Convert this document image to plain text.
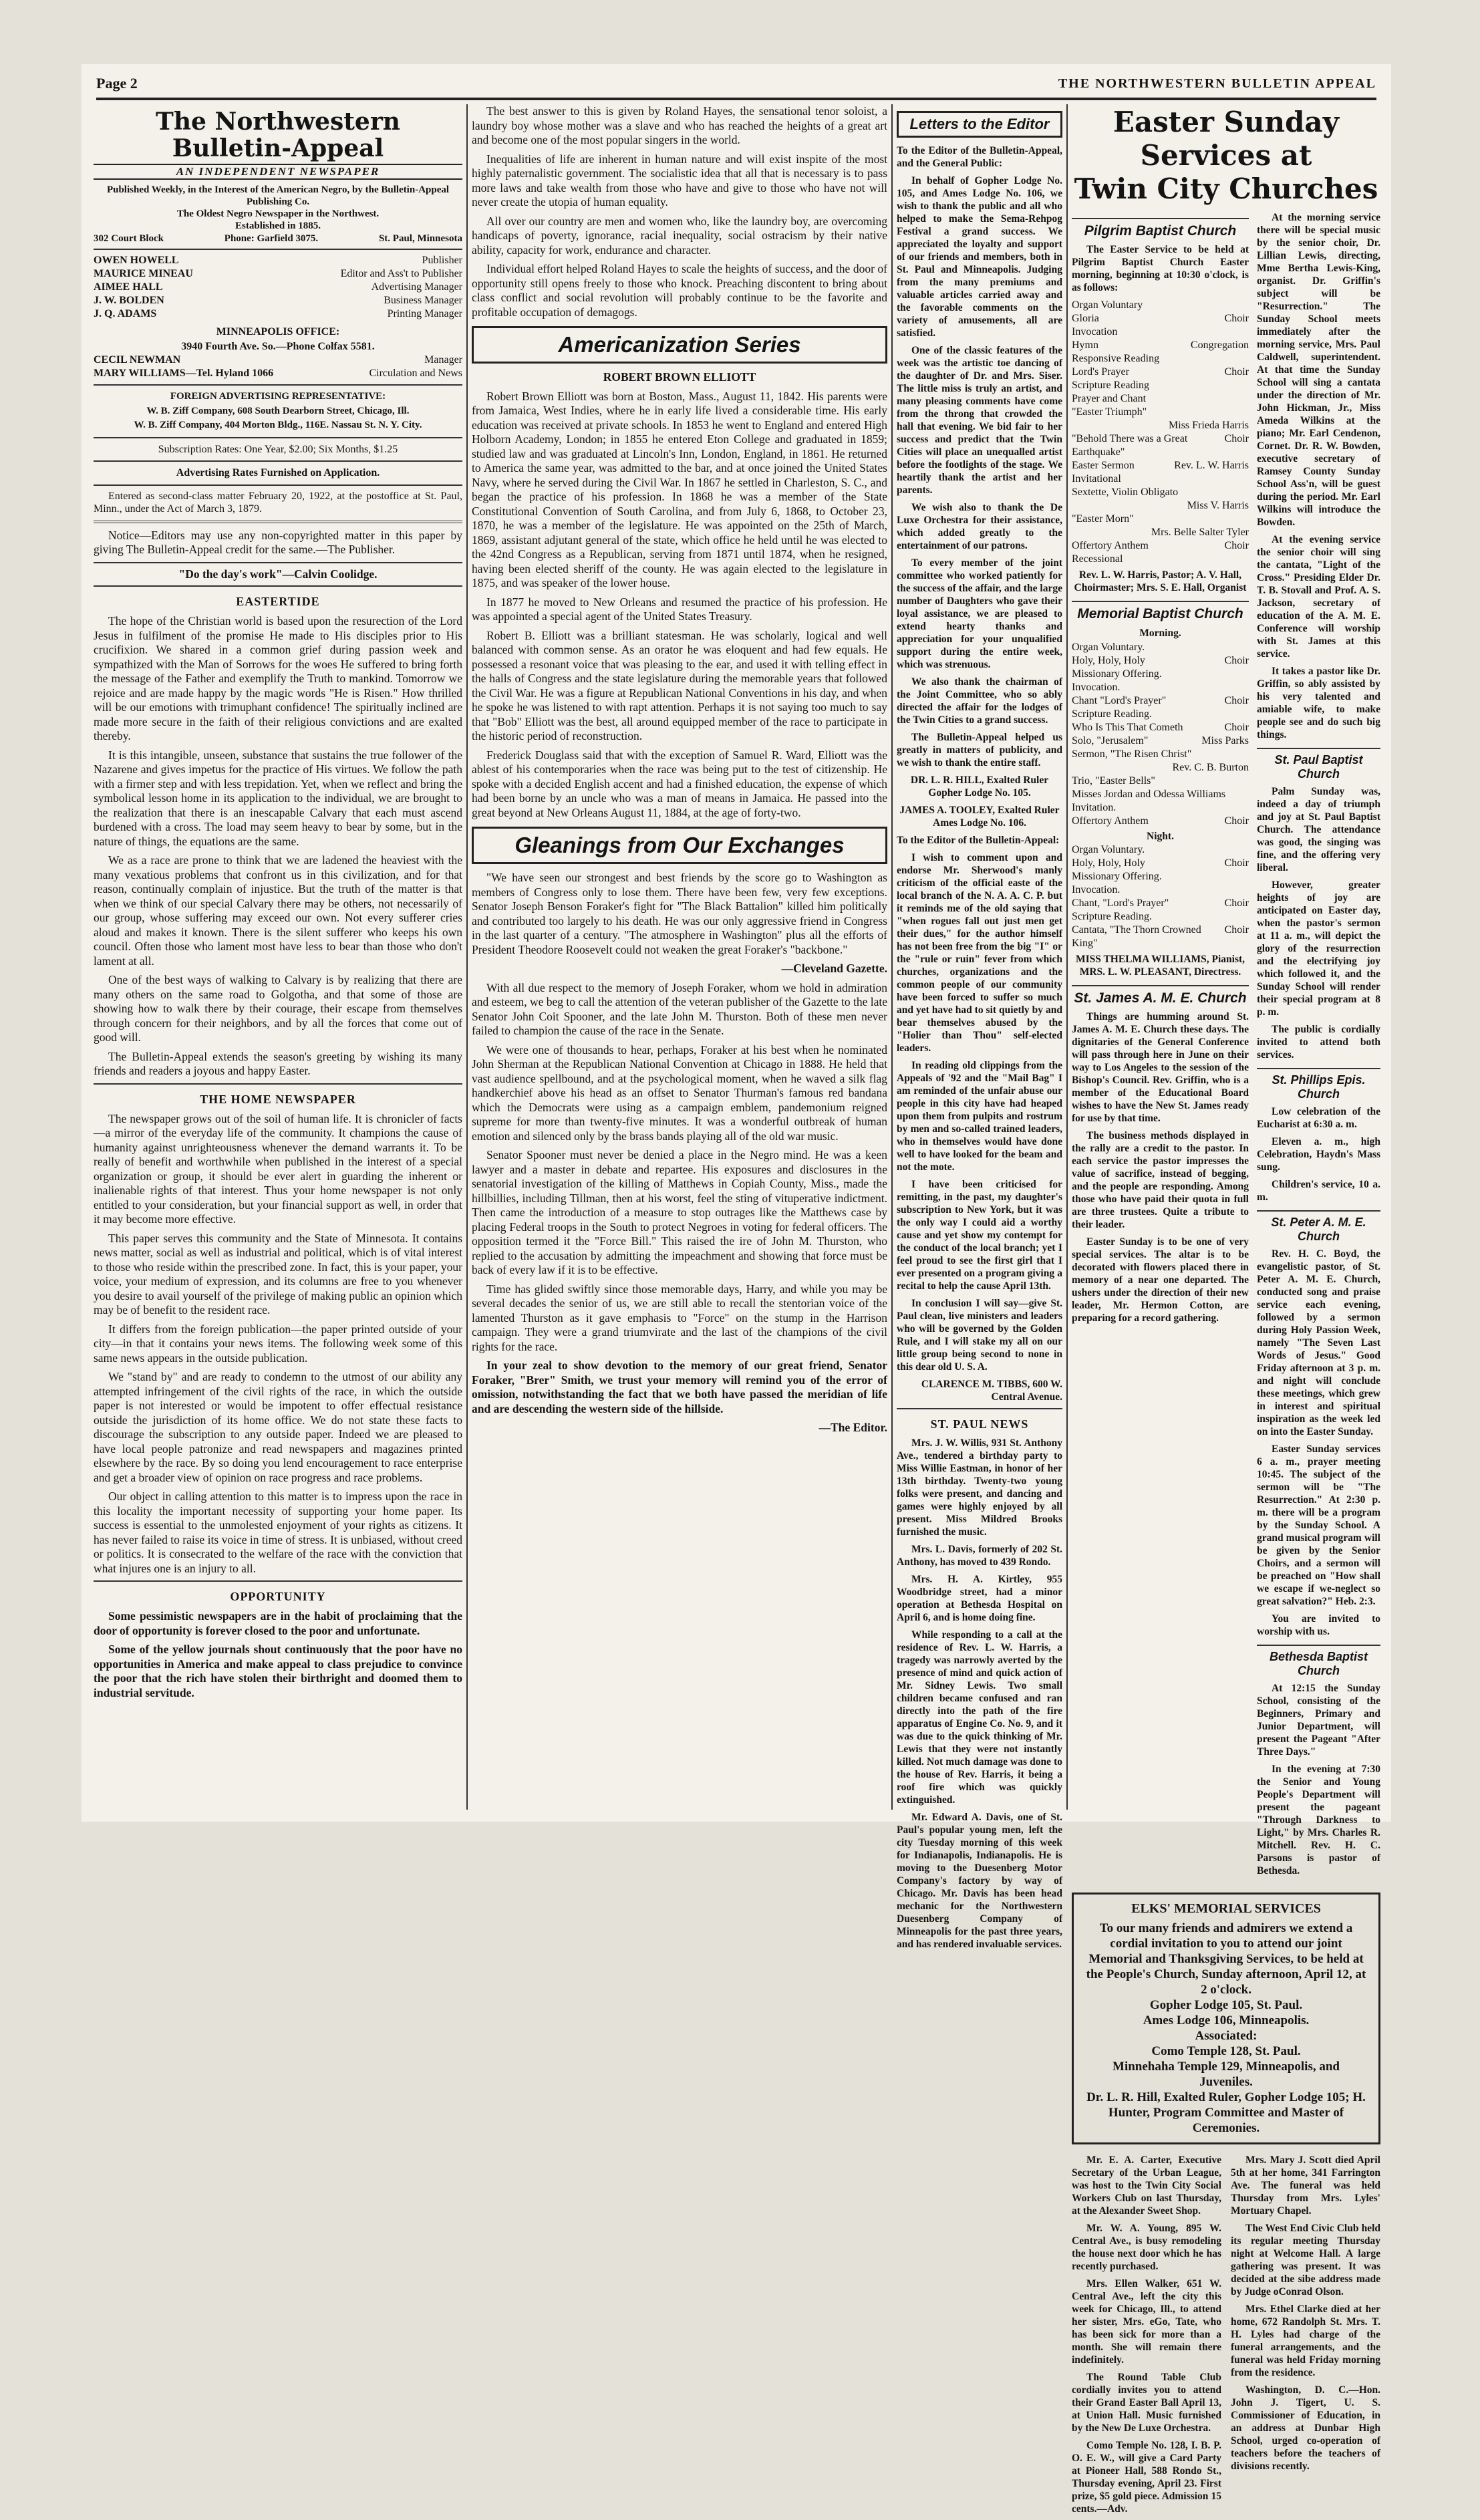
Page 2	THE NORTHWESTERN BULLETIN APPEAL
The Northwestern Bulletin-Appeal
AN INDEPENDENT NEWSPAPER

Published Weekly, in the Interest of the American Negro, by the Bulletin-Appeal Publishing Co.

The Oldest Negro Newspaper in the Northwest.

Established in 1885.

302 Court Block	Phone: Garfield 3075.	St. Paul, Minnesota
OWEN HOWELL	Publisher
MAURICE MINEAU	Editor and Ass't to Publisher
AIMEE HALL	Advertising Manager
J. W. BOLDEN	Business Manager
J. Q. ADAMS	Printing Manager

MINNEAPOLIS OFFICE:

3940 Fourth Ave. So.—Phone Colfax 5581.

CECIL NEWMAN	Manager
MARY WILLIAMS—Tel. Hyland 1066	Circulation and News

FOREIGN ADVERTISING REPRESENTATIVE:

W. B. Ziff Company, 608 South Dearborn Street, Chicago, Ill.

W. B. Ziff Company, 404 Morton Bldg., 116E. Nassau St. N. Y. City.

Subscription Rates: One Year, $2.00; Six Months, $1.25

Advertising Rates Furnished on Application.

Entered as second-class matter February 20, 1922, at the postoffice at St. Paul, Minn., under the Act of March 3, 1879.

Notice—Editors may use any non-copyrighted matter in this paper by giving The Bulletin-Appeal credit for the same.—The Publisher.

"Do the day's work"—Calvin Coolidge.

EASTERTIDE

The hope of the Christian world is based upon the resurection of the Lord Jesus in fulfilment of the promise He made to His disciples prior to His crucifixion. We shared in a common grief during passion week and sympathized with the Man of Sorrows for the woes He suffered to bring forth the message of the Father and exemplify the Truth to mankind. Tomorrow we rejoice and are made happy by the magic words "He is Risen." How thrilled will be our emotions with trimuphant confidence! The spiritually inclined are made more secure in the faith of their religious convictions and are exalted thereby.

It is this intangible, unseen, substance that sustains the true follower of the Nazarene and gives impetus for the practice of His virtues. We follow the path with a firmer step and with less trepidation. Yet, when we reflect and bring the symbolical lesson home in its application to the individual, we are brought to the realization that there is an inescapable Calvary that each must ascend burdened with a cross. The load may seem heavy to bear by some, but in the nature of things, the equations are the same.

We as a race are prone to think that we are ladened the heaviest with the many vexatious problems that confront us in this civilization, and for that reason, continually complain of injustice. But the truth of the matter is that when we think of our special Calvary there may be others, not necessarily of our group, whose suffering may exceed our own. Not every sufferer cries aloud and makes it known. There is the silent sufferer who keeps his own council. Often those who lament most have less to bear than those who don't lament at all.

One of the best ways of walking to Calvary is by realizing that there are many others on the same road to Golgotha, and that some of those are showing how to walk there by their courage, their escape from themselves through concern for their neighbors, and by all the forces that come out of good will.

The Bulletin-Appeal extends the season's greeting by wishing its many friends and readers a joyous and happy Easter.

THE HOME NEWSPAPER

The newspaper grows out of the soil of human life. It is chronicler of facts—a mirror of the everyday life of the community. It champions the cause of humanity against unrighteousness whenever the demand warrants it. To be really of benefit and worthwhile when published in the interest of a special organization or group, it should be ever alert in guarding the inherent or inalienable rights of that interest. Thus your home newspaper is not only entitled to your consideration, but your financial support as well, in order that it may become more effective.

This paper serves this community and the State of Minnesota. It contains news matter, social as well as industrial and political, which is of vital interest to those who reside within the prescribed zone. In fact, this is your paper, your voice, your medium of expression, and its columns are free to you whenever you desire to avail yourself of the privilege of making public an opinion which may be of benefit to the resident race.

It differs from the foreign publication—the paper printed outside of your city—in that it contains your news items. The following week some of this same news appears in the outside publication.

We "stand by" and are ready to condemn to the utmost of our ability any attempted infringement of the civil rights of the race, in which the outside paper is not interested or would be impotent to offer effectual resistance outside the jurisdiction of its home office. We do not state these facts to discourage the subscription to any outside paper. Indeed we are pleased to have local people patronize and read newspapers and magazines printed elsewhere by the race. By so doing you lend encouragement to race enterprise and get a broader view of opinion on race progress and race problems.

Our object in calling attention to this matter is to impress upon the race in this locality the important necessity of supporting your home paper. Its success is essential to the unmolested enjoyment of your rights as citizens. It has never failed to raise its voice in time of stress. It is unbiased, without creed or politics. It is consecrated to the welfare of the race with the conviction that what injures one is an injury to all.

OPPORTUNITY

Some pessimistic newspapers are in the habit of proclaiming that the door of opportunity is forever closed to the poor and unfortunate.

Some of the yellow journals shout continuously that the poor have no opportunities in America and make appeal to class prejudice to convince the poor that the rich have stolen their birthright and doomed them to industrial servitude.

The best answer to this is given by Roland Hayes, the sensational tenor soloist, a laundry boy whose mother was a slave and who has reached the heights of a great art and become one of the most popular singers in the world.

Inequalities of life are inherent in human nature and will exist inspite of the most highly paternalistic government. The socialistic idea that all that is necessary is to pass more laws and take wealth from those who have and give to those who have not will never create the utopia of human equality.

All over our country are men and women who, like the laundry boy, are overcoming handicaps of poverty, ignorance, racial inequality, social ostracism by their native ability, capacity for work, endurance and character.

Individual effort helped Roland Hayes to scale the heights of success, and the door of opportunity still opens freely to those who knock. Preaching discontent to bring about class conflict and social revolution will probably continue to be the favorite and profitable occupation of demagogs.

Americanization Series

ROBERT BROWN ELLIOTT

Robert Brown Elliott was born at Boston, Mass., August 11, 1842. His parents were from Jamaica, West Indies, where he in early life lived a considerable time. His early education was received at private schools. In 1853 he went to England and entered High Holborn Academy, London; in 1855 he entered Eton College and graduated in 1859; studied law and was graduated at Lincoln's Inn, London, England, in 1861. He returned to America the same year, was admitted to the bar, and at once joined the United States Navy, where he served during the Civil War. In 1867 he settled in Charleston, S. C., and began the practice of his profession. In 1868 he was a member of the State Constitutional Convention of South Carolina, and from July 6, 1868, to October 23, 1870, he was a member of the legislature. He was appointed on the 25th of March, 1869, assistant adjutant general of the state, which office he held until he was elected to the 42nd Congress as a Republican, serving from 1871 until 1874, when he resigned, having been elected sheriff of the county. He was again elected to the legislature in 1875, and was speaker of the lower house.

In 1877 he moved to New Orleans and resumed the practice of his profession. He was appointed a special agent of the United States Treasury.

Robert B. Elliott was a brilliant statesman. He was scholarly, logical and well balanced with common sense. As an orator he was eloquent and had few equals. He possessed a resonant voice that was pleasing to the ear, and used it with telling effect in the halls of Congress and the state legislature during the memorable years that followed the Civil War. He was a figure at Republican National Conventions in his day, and when he spoke he was listened to with rapt attention. Perhaps it is not saying too much to say that "Bob" Elliott was the best, all around equipped member of the race to participate in the historic period of reconstruction.

Frederick Douglass said that with the exception of Samuel R. Ward, Elliott was the ablest of his contemporaries when the race was being put to the test of citizenship. He spoke with a decided English accent and had a finished education, the expense of which had been borne by an uncle who was a man of means in Jamaica. He passed into the great beyond at New Orleans August 11, 1884, at the age of forty-two.

Gleanings from Our Exchanges

"We have seen our strongest and best friends by the score go to Washington as members of Congress only to lose them. There have been few, very few exceptions. Senator Joseph Benson Foraker's fight for "The Black Battalion" killed him politically and contributed too largely to his death. He was our only aggressive friend in Congress in the last quarter of a century. "The atmosphere in Washington" plus all the efforts of President Theodore Roosevelt could not weaken the great Foraker's "backbone."

—Cleveland Gazette.

With all due respect to the memory of Joseph Foraker, whom we hold in admiration and esteem, we beg to call the attention of the veteran publisher of the Gazette to the late Senator John Coit Spooner, and the late John M. Thurston. Both of these men never failed to champion the cause of the race in the Senate.

We were one of thousands to hear, perhaps, Foraker at his best when he nominated John Sherman at the Republican National Convention at Chicago in 1888. He held that vast audience spellbound, and at the psychological moment, when he waved a silk flag handkerchief above his head as an offset to Senator Thurman's famous red bandana which the Democrats were using as a campaign emblem, pandemonium reigned supreme for more than twenty-five minutes. It was a wonderful outbreak of human emotion and silenced only by the brass bands playing all of the old war music.

Senator Spooner must never be denied a place in the Negro mind. He was a keen lawyer and a master in debate and repartee. His exposures and disclosures in the senatorial investigation of the killing of Matthews in Copiah County, Miss., made the hillbillies, including Tillman, then at his worst, feel the sting of vituperative indictment. Then came the introduction of a measure to stop outrages like the Matthews case by placing Federal troops in the South to protect Negroes in voting for federal officers. The opposition termed it the "Force Bill." This raised the ire of John M. Thurston, who replied to the accusation by admitting the impeachment and showing that force must be back of every law if it is to be effective.

Time has glided swiftly since those memorable days, Harry, and while you may be several decades the senior of us, we are still able to recall the stentorian voice of the lamented Thurston as it gave emphasis to "Force" on the stump in the Harrison campaign. They were a grand triumvirate and the last of the champions of the civil rights for the race.

In your zeal to show devotion to the memory of our great friend, Senator Foraker, "Brer" Smith, we trust your memory will remind you of the error of omission, notwithstanding the fact that we both have passed the meridian of life and are descending the western side of the hillside.

—The Editor.

Letters to the Editor

To the Editor of the Bulletin-Appeal, and the General Public:

In behalf of Gopher Lodge No. 105, and Ames Lodge No. 106, we wish to thank the public and all who helped to make the Sema-Rehpog Festival a grand success. We appreciated the loyalty and support of our friends and members, both in St. Paul and Minneapolis. Judging from the many premiums and valuable articles carried away and the favorable comments on the variety of amusements, all are satisfied.

One of the classic features of the week was the artistic toe dancing of the daughter of Dr. and Mrs. Siser. The little miss is truly an artist, and many pleasing comments have come from the throng that crowded the hall that evening. We bid fair to her success and predict that the Twin Cities will place an unequalled artist before the footlights of the stage. We heartily thank the artist and her parents.

We wish also to thank the De Luxe Orchestra for their assistance, which added greatly to the entertainment of our patrons.

To every member of the joint committee who worked patiently for the success of the affair, and the large number of Daughters who gave their loyal assistance, we are pleased to extend hearty thanks and appreciation for your unqualified support during the entire week, which was strenuous.

We also thank the chairman of the Joint Committee, who so ably directed the affair for the lodges of the Twin Cities to a grand success.

The Bulletin-Appeal helped us greatly in matters of publicity, and we wish to thank the entire staff.

DR. L. R. HILL, Exalted Ruler Gopher Lodge No. 105.

JAMES A. TOOLEY, Exalted Ruler Ames Lodge No. 106.

To the Editor of the Bulletin-Appeal:

I wish to comment upon and endorse Mr. Sherwood's manly criticism of the official easte of the local branch of the N. A. A. C. P. but it reminds me of the old saying that "when rogues fall out just men get their dues," for the author himself has not been free from the big "I" or the "rule or ruin" fever from which churches, organizations and the common people of our community have been forced to suffer so much and yet have had to sit quietly by and bear themselves abused by the "Holier than Thou" self-elected leaders.

In reading old clippings from the Appeals of '92 and the "Mail Bag" I am reminded of the unfair abuse our people in this city have had heaped upon them from pulpits and rostrum by men and so-called trained leaders, who in themselves would have done well to have looked for the beam and not the mote.

I have been criticised for remitting, in the past, my daughter's subscription to New York, but it was the only way I could aid a worthy cause and yet show my contempt for the conduct of the local branch; yet I feel proud to see the first girl that I ever presented on a program giving a recital to help the cause April 13th.

In conclusion I will say—give St. Paul clean, live ministers and leaders who will be governed by the Golden Rule, and I will stake my all on our little group being second to none in this dear old U. S. A.

CLARENCE M. TIBBS, 600 W. Central Avenue.

ST. PAUL NEWS

Mrs. J. W. Willis, 931 St. Anthony Ave., tendered a birthday party to Miss Willie Eastman, in honor of her 13th birthday. Twenty-two young folks were present, and dancing and games were highly enjoyed by all present. Miss Mildred Brooks furnished the music.

Mrs. L. Davis, formerly of 202 St. Anthony, has moved to 439 Rondo.

Mrs. H. A. Kirtley, 955 Woodbridge street, had a minor operation at Bethesda Hospital on April 6, and is home doing fine.

While responding to a call at the residence of Rev. L. W. Harris, a tragedy was narrowly averted by the presence of mind and quick action of Mr. Sidney Lewis. Two small children became confused and ran directly into the path of the fire apparatus of Engine Co. No. 9, and it was due to the quick thinking of Mr. Lewis that they were not instantly killed. Not much damage was done to the house of Rev. Harris, it being a roof fire which was quickly extinguished.

Mr. Edward A. Davis, one of St. Paul's popular young men, left the city Tuesday morning of this week for Indianapolis, Indianapolis. He is moving to the Duesenberg Motor Company's factory by way of Chicago. Mr. Davis has been head mechanic for the Northwestern Duesenberg Company of Minneapolis for the past three years, and has rendered invaluable services.

Easter Sunday Services at
Twin City Churches
Pilgrim Baptist Church

The Easter Service to be held at Pilgrim Baptist Church Easter morning, beginning at 10:30 o'clock, is as follows:

Organ Voluntary
Gloria	Choir
Invocation
Hymn	Congregation
Responsive Reading
Lord's Prayer	Choir
Scripture Reading
Prayer and Chant
"Easter Triumph"
Miss Frieda Harris
"Behold There was a Great Earthquake"
Choir
Easter Sermon	Rev. L. W. Harris
Invitational
Sextette, Violin Obligato
Miss V. Harris
"Easter Morn"
Mrs. Belle Salter Tyler
Offertory Anthem	Choir
Recessional

Rev. L. W. Harris, Pastor; A. V. Hall, Choirmaster; Mrs. S. E. Hall, Organist

Memorial Baptist Church

Morning.

Organ Voluntary.
Holy, Holy, Holy	Choir
Missionary Offering.
Invocation.
Chant "Lord's Prayer"	Choir
Scripture Reading.
Who Is This That Cometh	Choir
Solo, "Jerusalem"	Miss Parks
Sermon, "The Risen Christ"
Rev. C. B. Burton
Trio, "Easter Bells"
Misses Jordan and Odessa Williams
Invitation.
Offertory Anthem	Choir

Night.

Organ Voluntary.
Holy, Holy, Holy	Choir
Missionary Offering.
Invocation.
Chant, "Lord's Prayer"	Choir
Scripture Reading.
Cantata, "The Thorn Crowned King"
Choir

MISS THELMA WILLIAMS, Pianist, MRS. L. W. PLEASANT, Directress.

St. James A. M. E. Church

Things are humming around St. James A. M. E. Church these days. The dignitaries of the General Conference will pass through here in June on their way to Los Angeles to the session of the Bishop's Council. Rev. Griffin, who is a member of the Educational Board wishes to have the New St. James ready for use by that time.

The business methods displayed in the rally are a credit to the pastor. In each service the pastor impresses the value of sacrifice, instead of begging, and the people are responding. Among those who have paid their quota in full are three trustees. Quite a tribute to their leader.

Easter Sunday is to be one of very special services. The altar is to be decorated with flowers placed there in memory of a near one departed. The ushers under the direction of their new leader, Mr. Hermon Cotton, are preparing for a record gathering.

At the morning service there will be special music by the senior choir, Dr. Lillian Lewis, directing, Mme Bertha Lewis-King, organist. Dr. Griffin's subject will be "Resurrection." The Sunday School meets immediately after the morning service, Mrs. Paul Caldwell, superintendent. At that time the Sunday School will sing a cantata under the direction of Mr. John Hickman, Jr., Miss Ameda Wilkins at the piano; Mr. Earl Cendenon, Cornet. Dr. R. W. Bowden, executive secretary of Ramsey County Sunday School Ass'n, will be guest during the period. Mr. Earl Wilkins will introduce the Bowden.

At the evening service the senior choir will sing the cantata, "Light of the Cross." Presiding Elder Dr. T. B. Stovall and Prof. A. S. Jackson, secretary of education of the A. M. E. Conference will worship with St. James at this service.

It takes a pastor like Dr. Griffin, so ably assisted by his very talented and amiable wife, to make people see and do such big things.

St. Paul Baptist Church

Palm Sunday was, indeed a day of triumph and joy at St. Paul Baptist Church. The attendance was good, the singing was fine, and the offering very liberal.

However, greater heights of joy are anticipated on Easter day, when the pastor's sermon at 11 a. m., will depict the glory of the resurrection and the electrifying joy which followed it, and the Sunday School will render their special program at 8 p. m.

The public is cordially invited to attend both services.

St. Phillips Epis. Church

Low celebration of the Eucharist at 6:30 a. m.

Eleven a. m., high Celebration, Haydn's Mass sung.

Children's service, 10 a. m.

St. Peter A. M. E. Church

Rev. H. C. Boyd, the evangelistic pastor, of St. Peter A. M. E. Church, conducted song and praise service each evening, followed by a sermon during Holy Passion Week, namely "The Seven Last Words of Jesus." Good Friday afternoon at 3 p. m. and night will conclude these meetings, which grew in interest and spiritual inspiration as the week led on into the Easter Sunday.

Easter Sunday services 6 a. m., prayer meeting 10:45. The subject of the sermon will be "The Resurrection." At 2:30 p. m. there will be a program by the Sunday School. A grand musical program will be given by the Senior Choirs, and a sermon will be preached on "How shall we escape if we-neglect so great salvation?" Heb. 2:3.

You are invited to worship with us.

Bethesda Baptist Church

At 12:15 the Sunday School, consisting of the Beginners, Primary and Junior Department, will present the Pageant "After Three Days."

In the evening at 7:30 the Senior and Young People's Department will present the pageant "Through Darkness to Light," by Mrs. Charles R. Mitchell. Rev. H. C. Parsons is pastor of Bethesda.

ELKS' MEMORIAL SERVICES
To our many friends and admirers we extend a cordial invitation to you to attend our joint Memorial and Thanksgiving Services, to be held at the People's Church, Sunday afternoon, April 12, at 2 o'clock.
Gopher Lodge 105, St. Paul.
Ames Lodge 106, Minneapolis.
Associated:
Como Temple 128, St. Paul.
Minnehaha Temple 129, Minneapolis, and Juveniles.
Dr. L. R. Hill, Exalted Ruler, Gopher Lodge 105; H. Hunter, Program Committee and Master of Ceremonies.

Mr. E. A. Carter, Executive Secretary of the Urban League, was host to the Twin City Social Workers Club on last Thursday, at the Alexander Sweet Shop.

Mr. W. A. Young, 895 W. Central Ave., is busy remodeling the house next door which he has recently purchased.

Mrs. Ellen Walker, 651 W. Central Ave., left the city this week for Chicago, Ill., to attend her sister, Mrs. eGo, Tate, who has been sick for more than a month. She will remain there indefinitely.

The Round Table Club cordially invites you to attend their Grand Easter Ball April 13, at Union Hall. Music furnished by the New De Luxe Orchestra.

Como Temple No. 128, I. B. P. O. E. W., will give a Card Party at Pioneer Hall, 588 Rondo St., Thursday evening, April 23. First prize, $5 gold piece. Admission 15 cents.—Adv.

Mrs. Mary J. Scott died April 5th at her home, 341 Farrington Ave. The funeral was held Thursday from Mrs. Lyles' Mortuary Chapel.

The West End Civic Club held its regular meeting Thursday night at Welcome Hall. A large gathering was present. It was decided at the sibe address made by Judge oConrad Olson.

Mrs. Ethel Clarke died at her home, 672 Randolph St. Mrs. T. H. Lyles had charge of the funeral arrangements, and the funeral was held Friday morning from the residence.

Washington, D. C.—Hon. John J. Tigert, U. S. Commissioner of Education, in an address at Dunbar High School, urged co-operation of teachers before the teachers of divisions recently.
